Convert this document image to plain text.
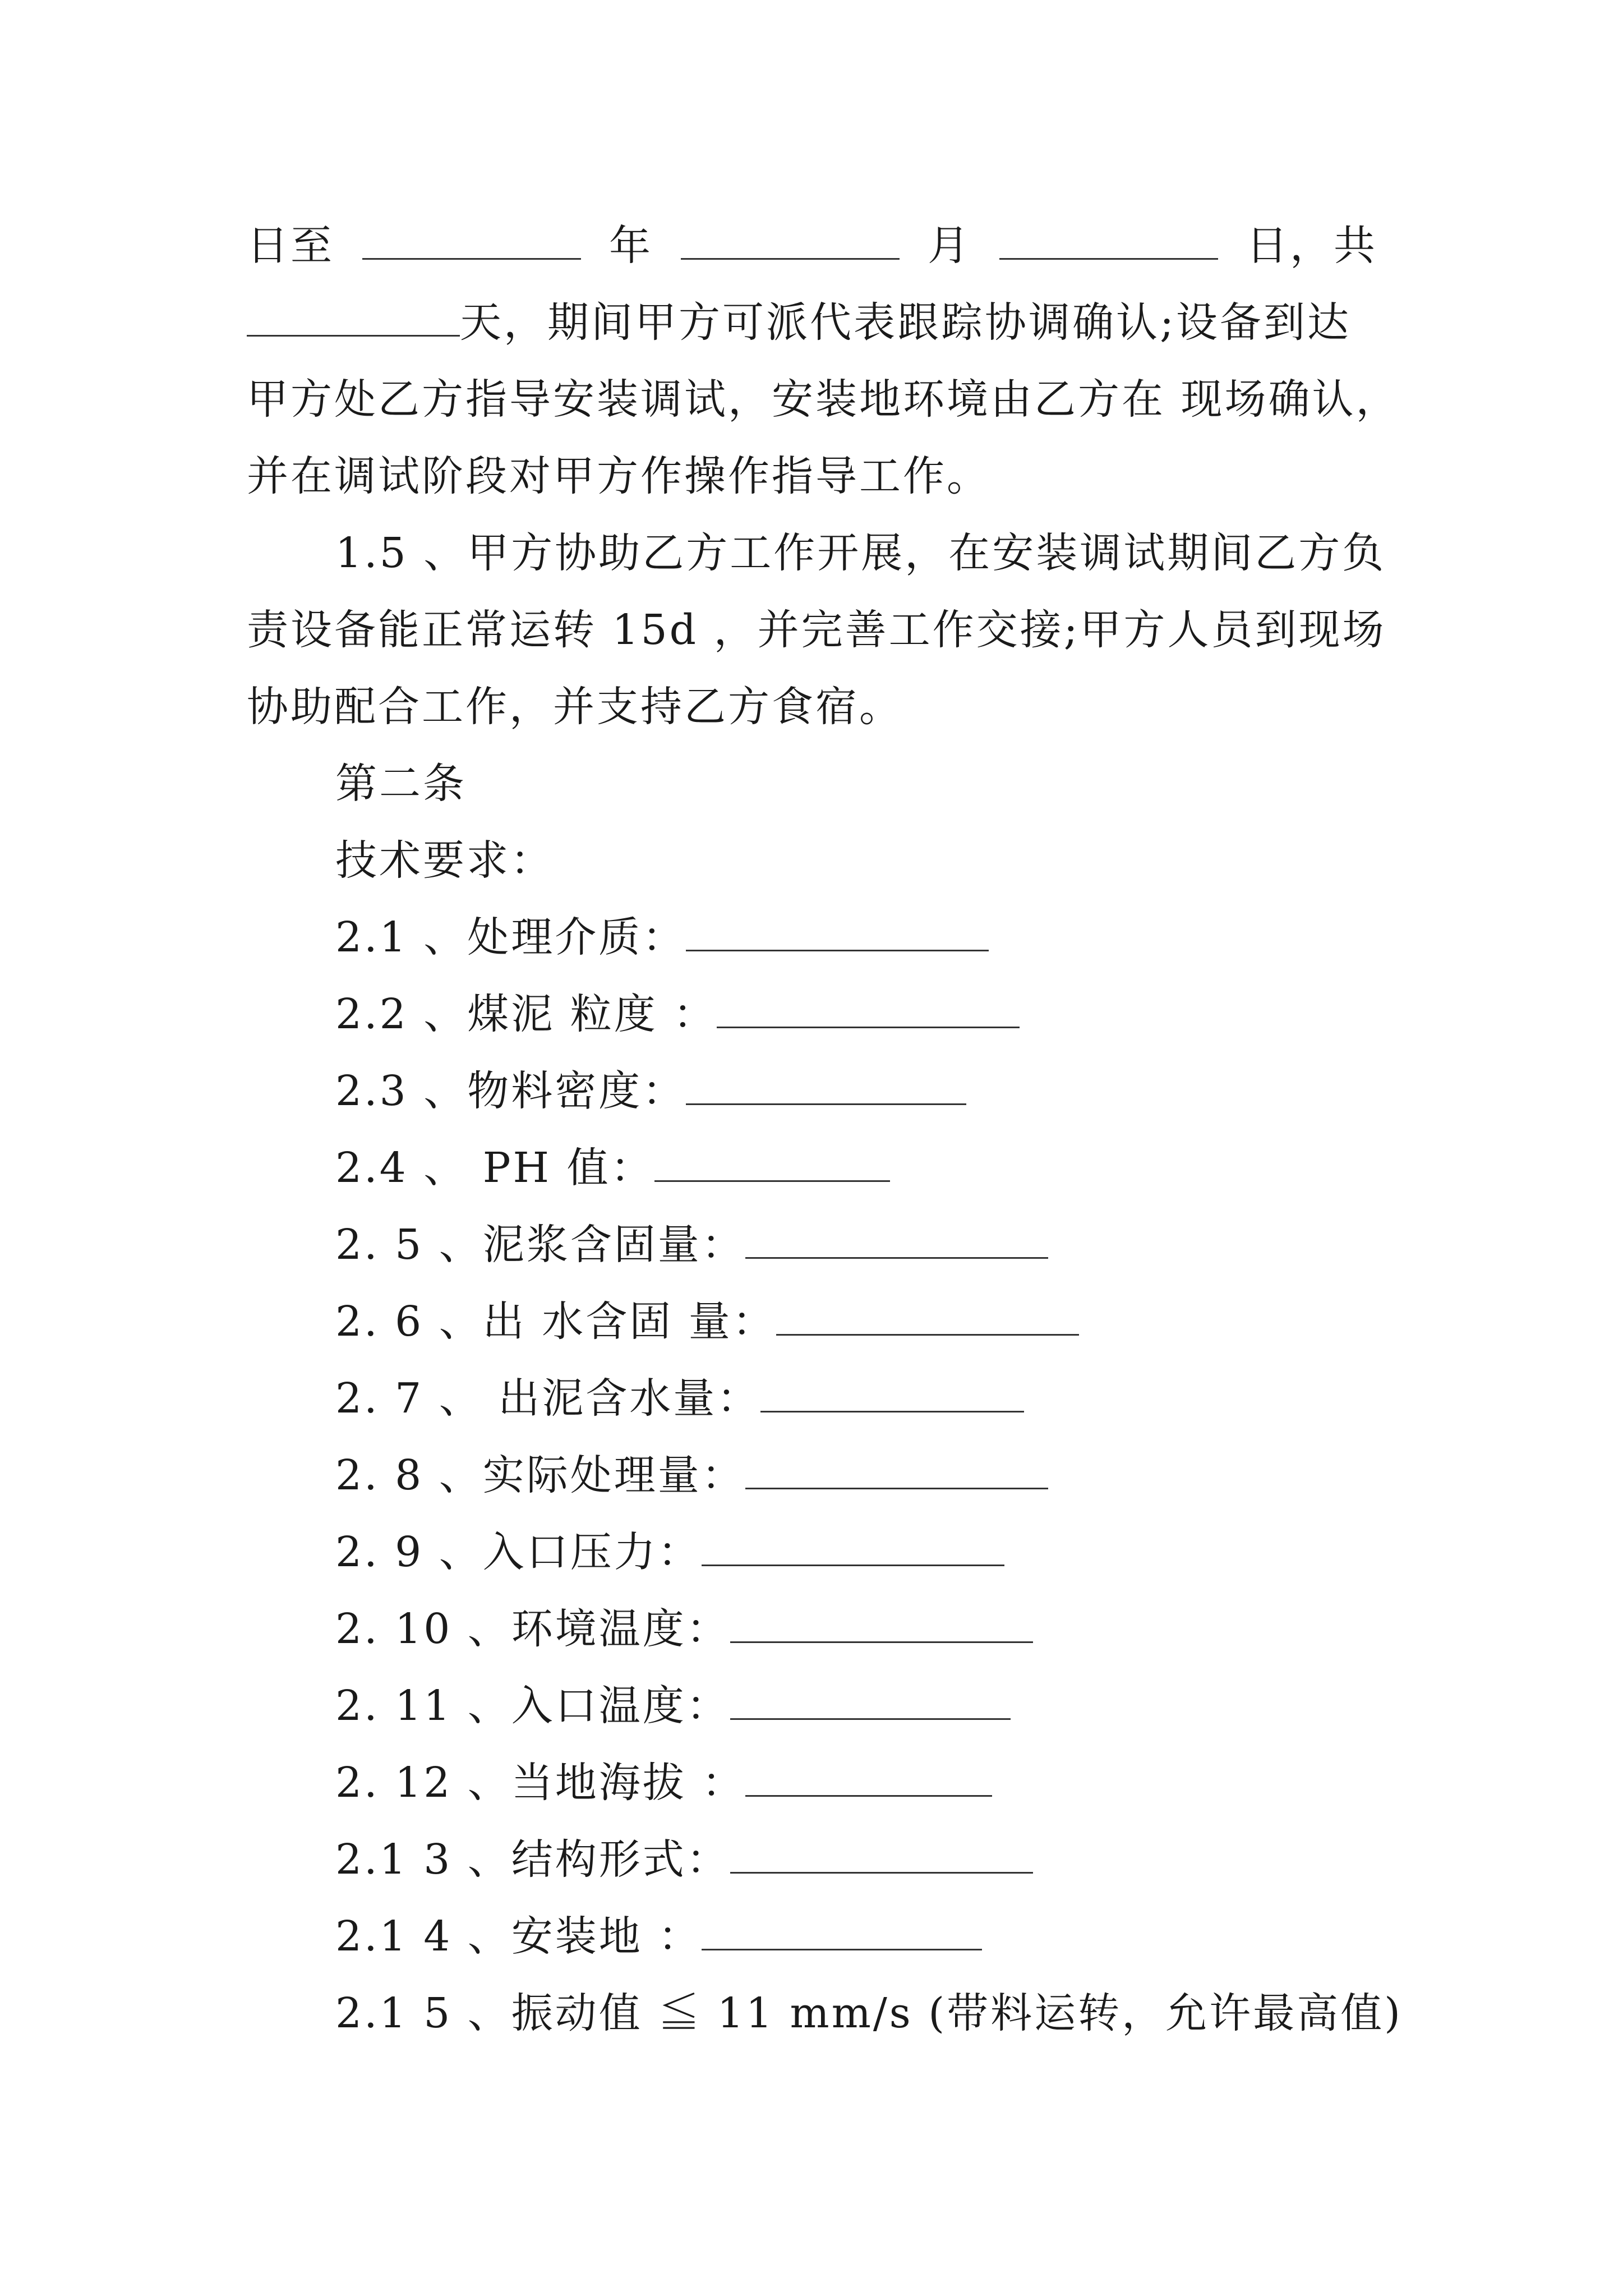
日至	年	月	日，共
天，期间甲方可派代表跟踪协调确认;设备到达
甲方处乙方指导安装调试，安装地环境由乙方在 现场确认，
并在调试阶段对甲方作操作指导工作。
1.5 、甲方协助乙方工作开展，在安装调试期间乙方负
责设备能正常运转 15d ，并完善工作交接;甲方人员到现场
协助配合工作，并支持乙方食宿。
第二条
技术要求：
2.1 、处理介质：
2.2 、煤泥 粒度 ：
2.3 、物料密度：
2.4 、 PH 值：
2. 5 、泥浆含固量：
2. 6 、出 水含固 量：
2. 7 、 出泥含水量：
2. 8 、实际处理量：
2. 9 、入口压力：
2. 10 、环境温度：
2. 11 、入口温度：
2. 12 、当地海拔 ：
2.1 3 、结构形式：
2.1 4 、安装地 ：
2.1 5 、振动值 ≦ 11 mm/s (带料运转，允许最高值)
